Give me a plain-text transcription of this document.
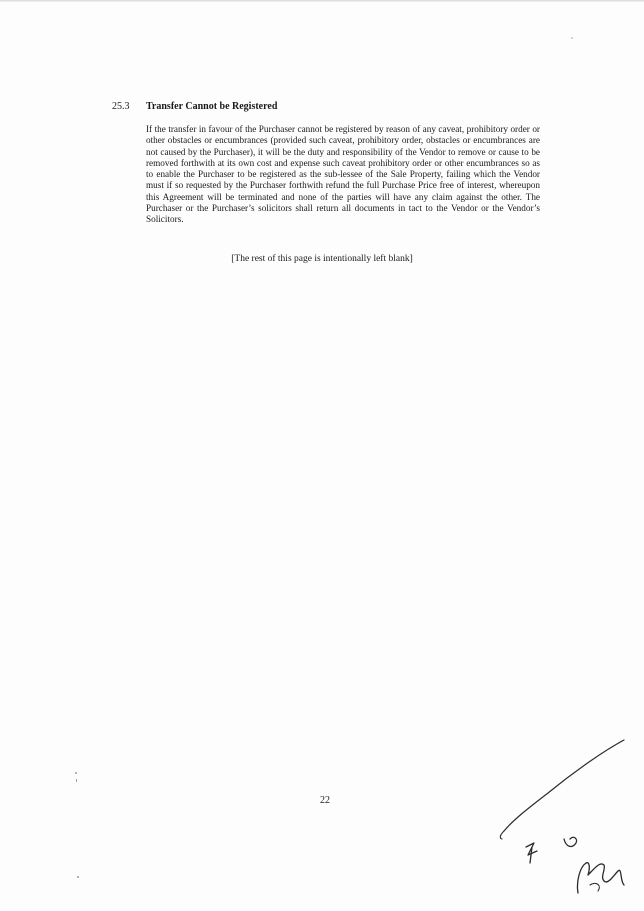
25.3 Transfer Cannot be Registered

If the transfer in favour of the Purchaser cannot be registered by reason of any caveat, prohibitory order or other obstacles or encumbrances (provided such caveat, prohibitory order, obstacles or encumbrances are not caused by the Purchaser), it will be the duty and responsibility of the Vendor to remove or cause to be removed forthwith at its own cost and expense such caveat prohibitory order or other encumbrances so as to enable the Purchaser to be registered as the sub-lessee of the Sale Property, failing which the Vendor must if so requested by the Purchaser forthwith refund the full Purchase Price free of interest, whereupon this Agreement will be terminated and none of the parties will have any claim against the other. The Purchaser or the Purchaser’s solicitors shall return all documents in tact to the Vendor or the Vendor’s Solicitors.

[The rest of this page is intentionally left blank]
22
